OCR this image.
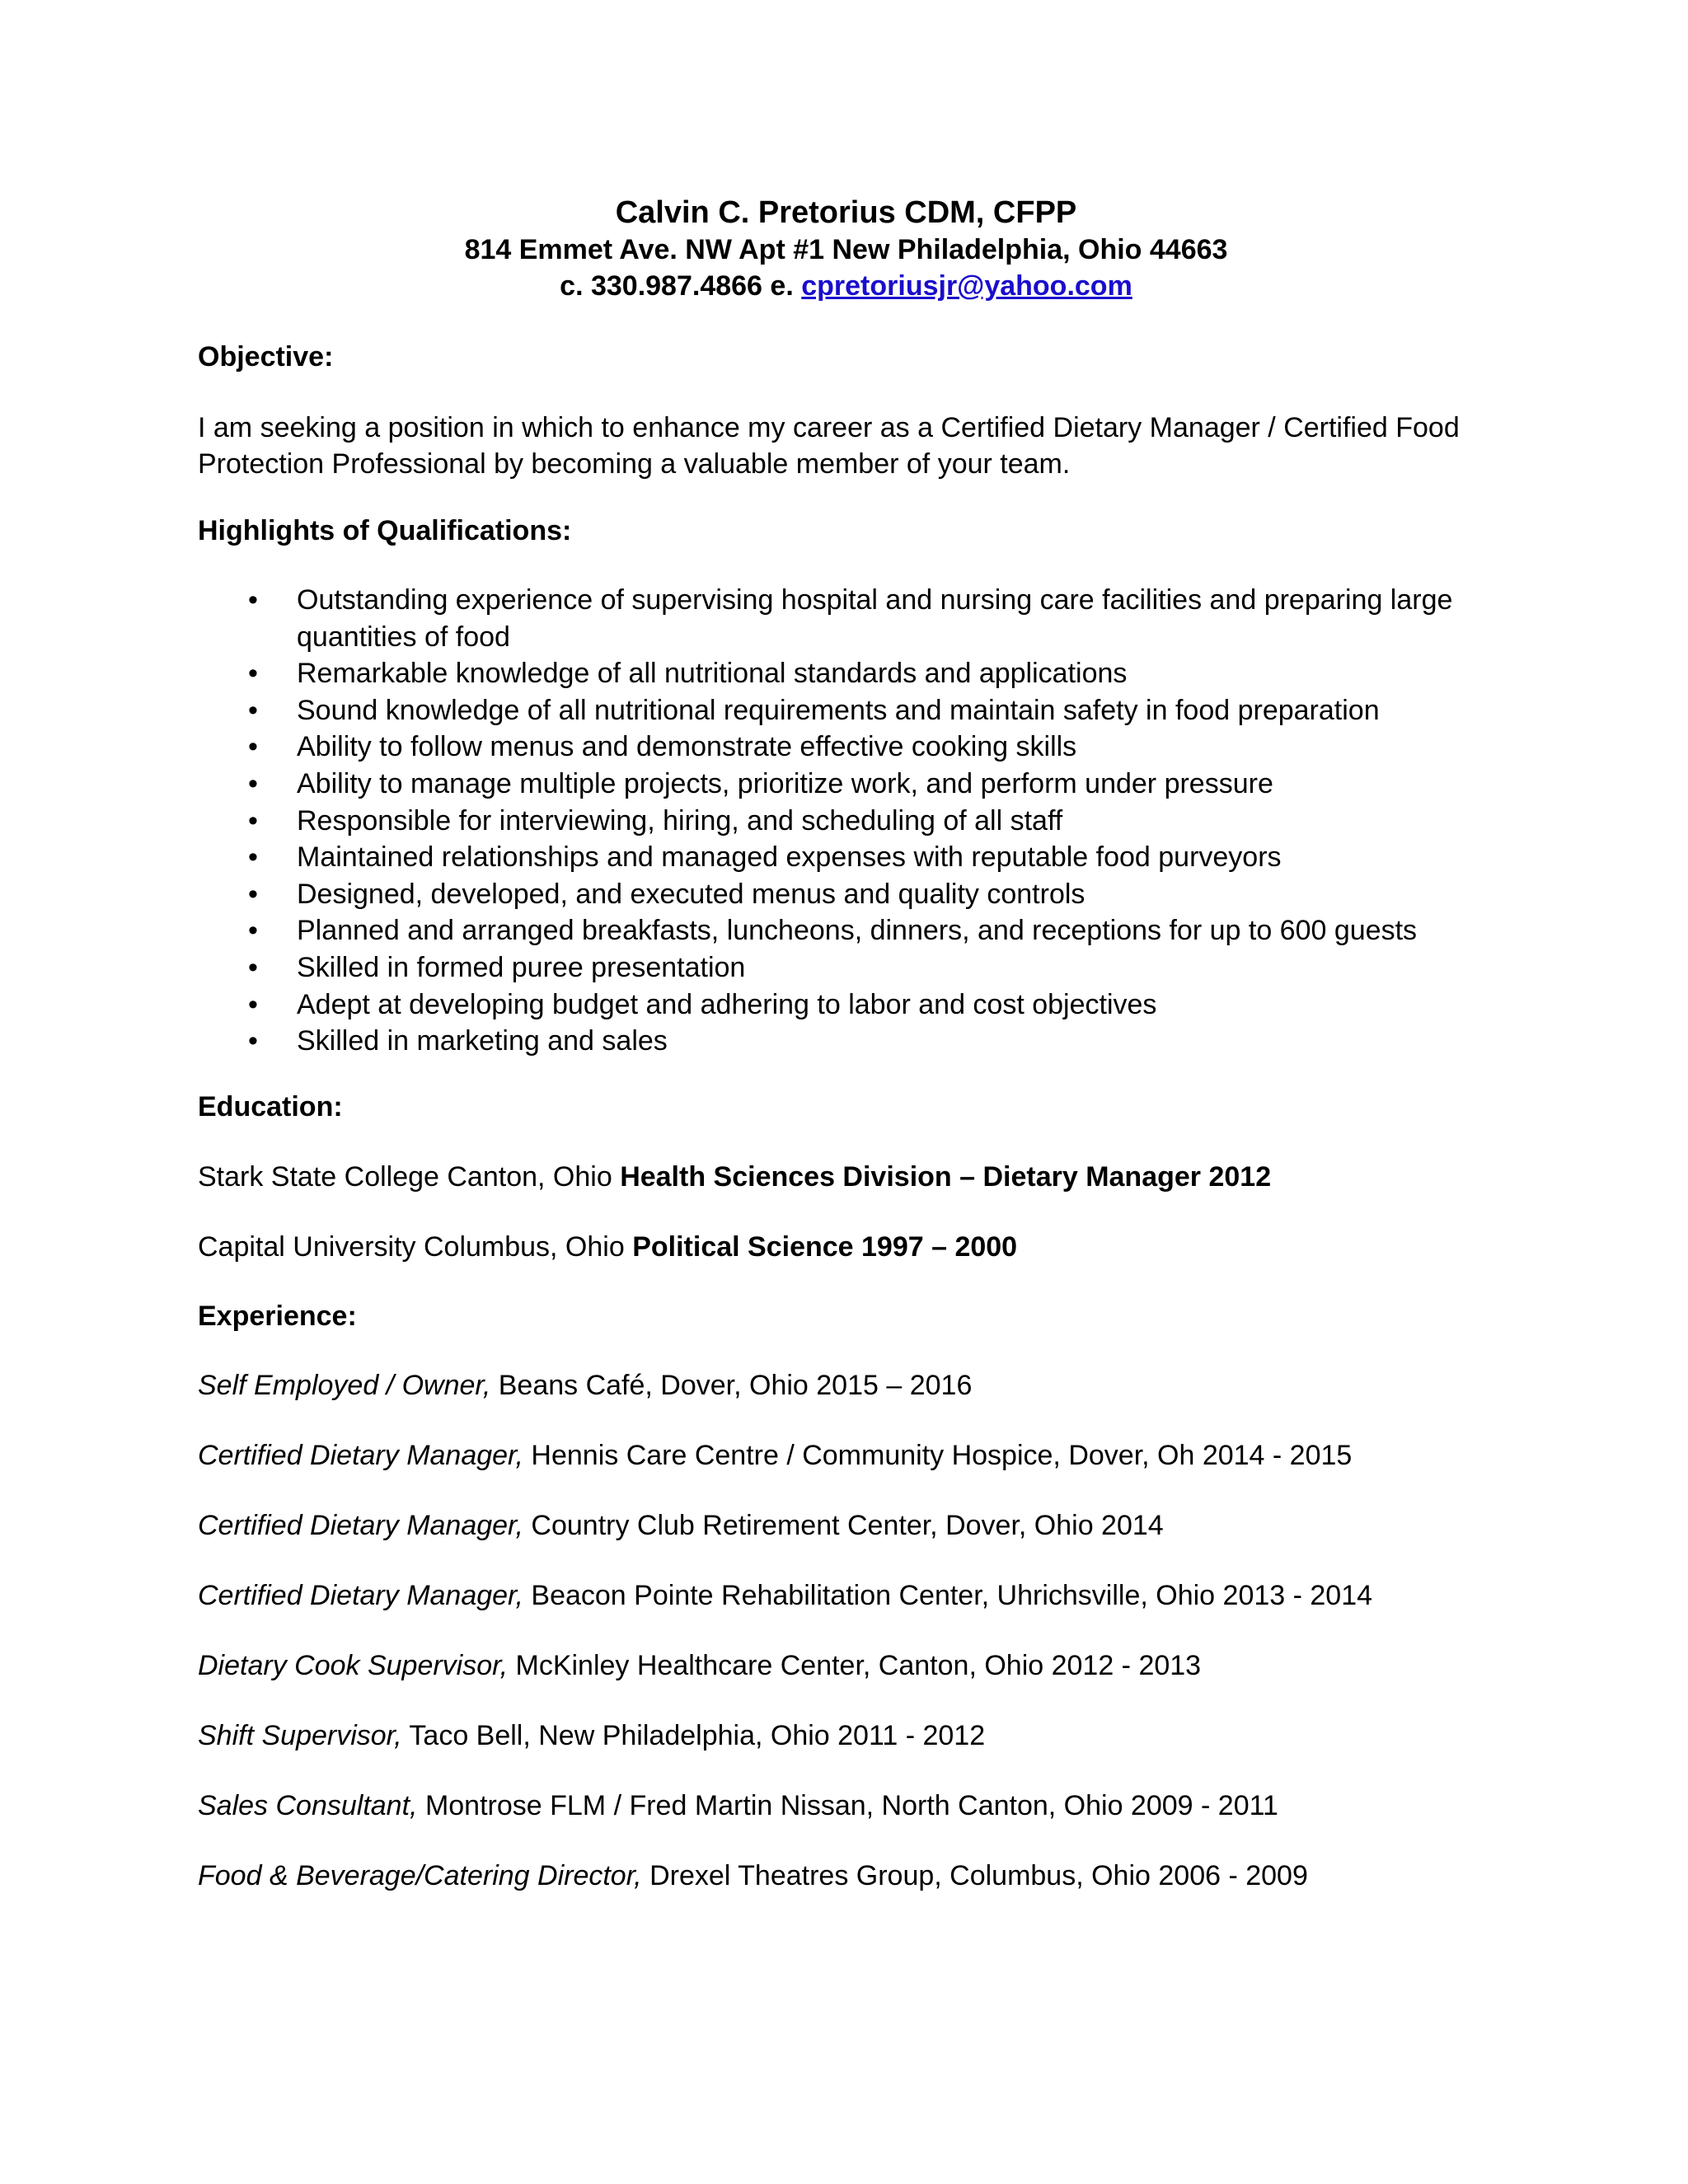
Calvin C. Pretorius CDM, CFPP

814 Emmet Ave. NW Apt #1 New Philadelphia, Ohio 44663

c. 330.987.4866 e. cpretoriusjr@yahoo.com

Objective:

I am seeking a position in which to enhance my career as a Certified Dietary Manager / Certified Food Protection Professional by becoming a valuable member of your team.

Highlights of Qualifications:

• Outstanding experience of supervising hospital and nursing care facilities and preparing large quantities of food
• Remarkable knowledge of all nutritional standards and applications
• Sound knowledge of all nutritional requirements and maintain safety in food preparation
• Ability to follow menus and demonstrate effective cooking skills
• Ability to manage multiple projects, prioritize work, and perform under pressure
• Responsible for interviewing, hiring, and scheduling of all staff
• Maintained relationships and managed expenses with reputable food purveyors
• Designed, developed, and executed menus and quality controls
• Planned and arranged breakfasts, luncheons, dinners, and receptions for up to 600 guests
• Skilled in formed puree presentation
• Adept at developing budget and adhering to labor and cost objectives
• Skilled in marketing and sales

Education:

Stark State College Canton, Ohio Health Sciences Division – Dietary Manager 2012

Capital University Columbus, Ohio Political Science 1997 – 2000

Experience:

Self Employed / Owner, Beans Café, Dover, Ohio 2015 – 2016

Certified Dietary Manager, Hennis Care Centre / Community Hospice, Dover, Oh 2014 - 2015

Certified Dietary Manager, Country Club Retirement Center, Dover, Ohio 2014

Certified Dietary Manager, Beacon Pointe Rehabilitation Center, Uhrichsville, Ohio 2013 - 2014

Dietary Cook Supervisor, McKinley Healthcare Center, Canton, Ohio 2012 - 2013

Shift Supervisor, Taco Bell, New Philadelphia, Ohio 2011 - 2012

Sales Consultant, Montrose FLM / Fred Martin Nissan, North Canton, Ohio 2009 - 2011

Food & Beverage/Catering Director, Drexel Theatres Group, Columbus, Ohio 2006 - 2009
